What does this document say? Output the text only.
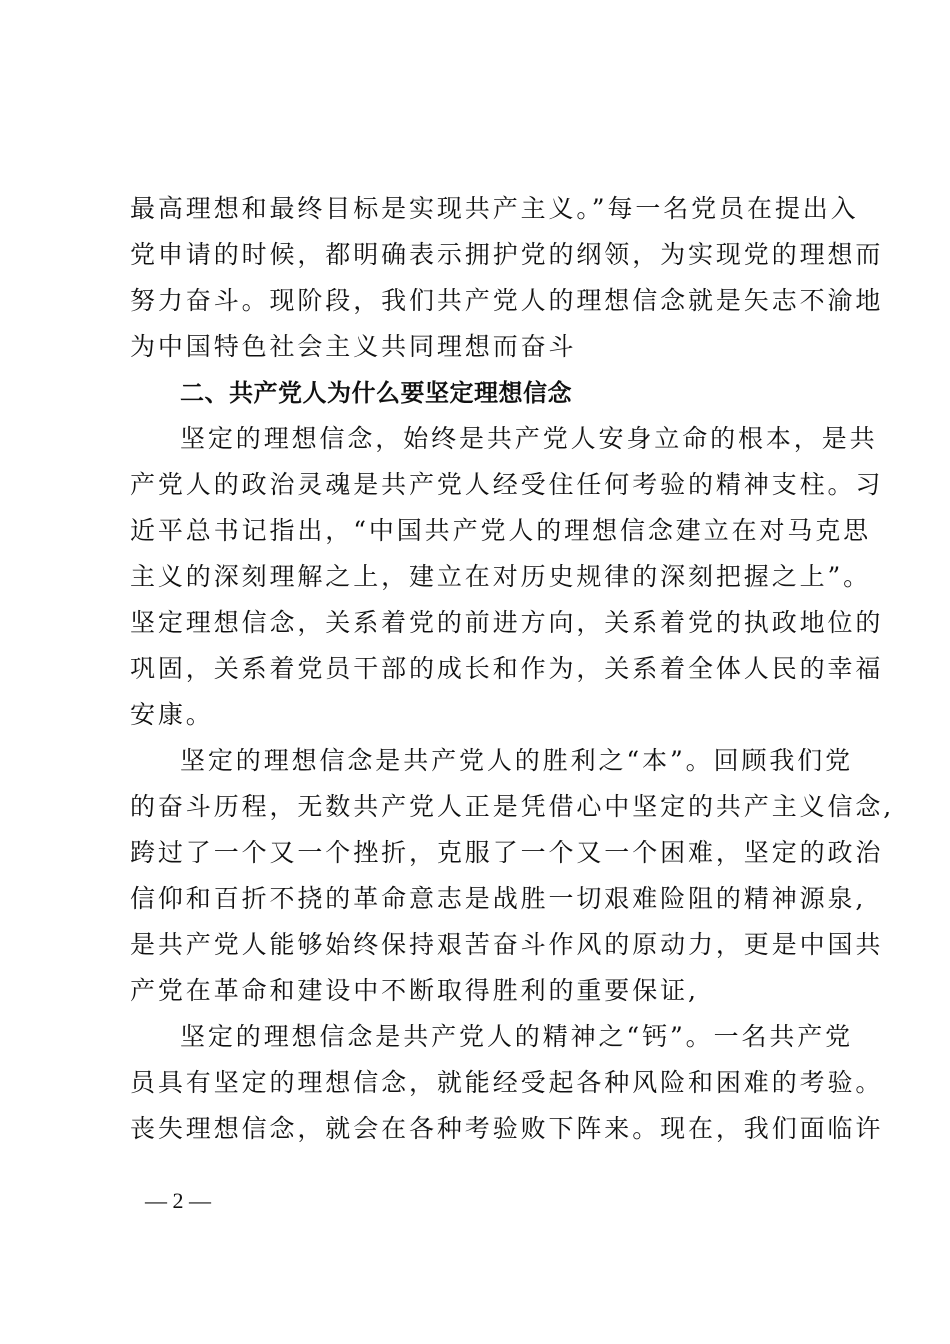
最高理想和最终目标是实现共产主义。”每一名党员在提出入
党申请的时候，都明确表示拥护党的纲领，为实现党的理想而
努力奋斗。现阶段，我们共产党人的理想信念就是矢志不渝地
为中国特色社会主义共同理想而奋斗
二、共产党人为什么要坚定理想信念
坚定的理想信念，始终是共产党人安身立命的根本，是共
产党人的政治灵魂是共产党人经受住任何考验的精神支柱。习
近平总书记指出，“中国共产党人的理想信念建立在对马克思
主义的深刻理解之上，建立在对历史规律的深刻把握之上”。
坚定理想信念，关系着党的前进方向，关系着党的执政地位的
巩固，关系着党员干部的成长和作为，关系着全体人民的幸福
安康。
坚定的理想信念是共产党人的胜利之“本”。回顾我们党
的奋斗历程，无数共产党人正是凭借心中坚定的共产主义信念,
跨过了一个又一个挫折，克服了一个又一个困难，坚定的政治
信仰和百折不挠的革命意志是战胜一切艰难险阻的精神源泉,
是共产党人能够始终保持艰苦奋斗作风的原动力，更是中国共
产党在革命和建设中不断取得胜利的重要保证,
坚定的理想信念是共产党人的精神之“钙”。一名共产党
员具有坚定的理想信念，就能经受起各种风险和困难的考验。
丧失理想信念，就会在各种考验败下阵来。现在，我们面临许
— 2 —
